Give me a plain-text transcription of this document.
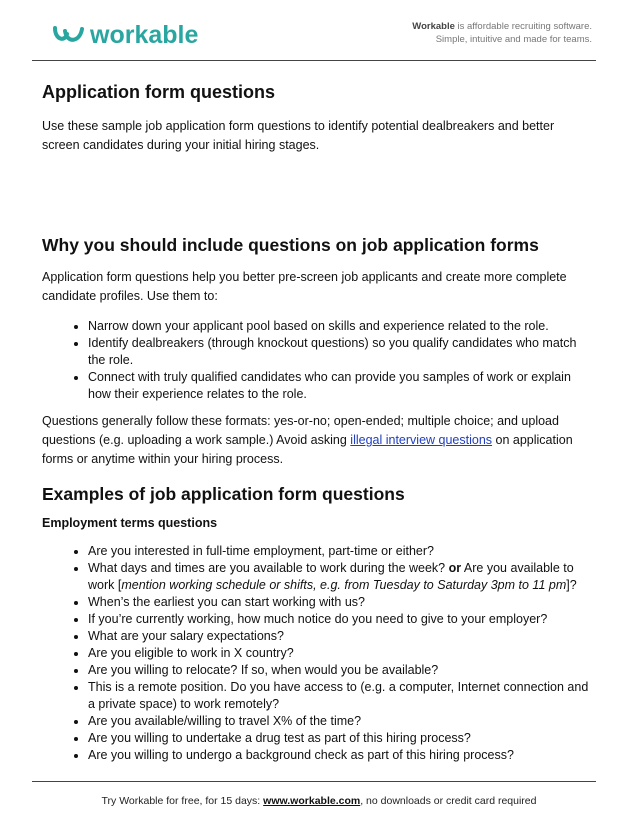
workable	Workable is affordable recruiting software.
Simple, intuitive and made for teams.
Application form questions

Use these sample job application form questions to identify potential dealbreakers and better screen candidates during your initial hiring stages.

Why you should include questions on job application forms

Application form questions help you better pre-screen job applicants and create more complete candidate profiles. Use them to:

• Narrow down your applicant pool based on skills and experience related to the role.
• Identify dealbreakers (through knockout questions) so you qualify candidates who match the role.
• Connect with truly qualified candidates who can provide you samples of work or explain how their experience relates to the role.

Questions generally follow these formats: yes-or-no; open-ended; multiple choice; and upload questions (e.g. uploading a work sample.) Avoid asking illegal interview questions on application forms or anytime within your hiring process.

Examples of job application form questions
Employment terms questions
• Are you interested in full-time employment, part-time or either?
• What days and times are you available to work during the week? or Are you available to work [mention working schedule or shifts, e.g. from Tuesday to Saturday 3pm to 11 pm]?
• When’s the earliest you can start working with us?
• If you’re currently working, how much notice do you need to give to your employer?
• What are your salary expectations?
• Are you eligible to work in X country?
• Are you willing to relocate? If so, when would you be available?
• This is a remote position. Do you have access to (e.g. a computer, Internet connection and a private space) to work remotely?
• Are you available/willing to travel X% of the time?
• Are you willing to undertake a drug test as part of this hiring process?
• Are you willing to undergo a background check as part of this hiring process?
Try Workable for free, for 15 days: www.workable.com, no downloads or credit card required
